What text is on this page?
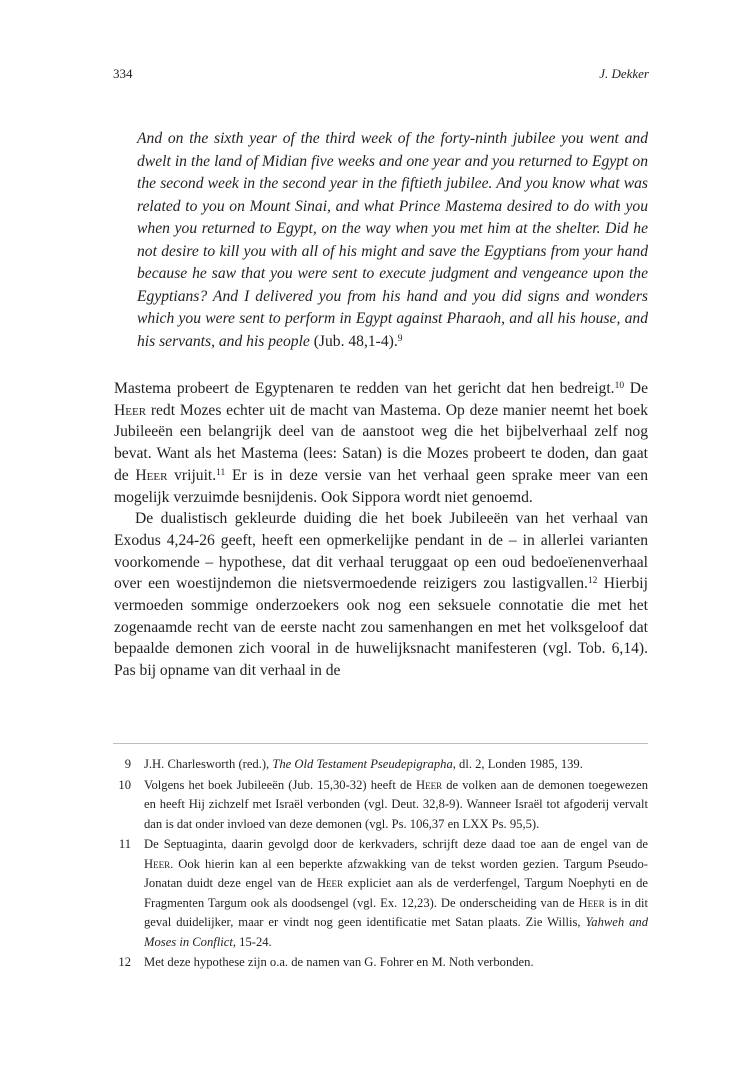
334	J. Dekker
And on the sixth year of the third week of the forty-ninth jubilee you went and dwelt in the land of Midian five weeks and one year and you returned to Egypt on the second week in the second year in the fiftieth jubilee. And you know what was related to you on Mount Sinai, and what Prince Mastema desired to do with you when you returned to Egypt, on the way when you met him at the shelter. Did he not desire to kill you with all of his might and save the Egyptians from your hand because he saw that you were sent to execute judgment and vengeance upon the Egyptians? And I delivered you from his hand and you did signs and wonders which you were sent to perform in Egypt against Pharaoh, and all his house, and his servants, and his people (Jub. 48,1-4).$^9$

Mastema probeert de Egyptenaren te redden van het gericht dat hen bedreigt.$^{10}$ De Heer redt Mozes echter uit de macht van Mastema. Op deze manier neemt het boek Jubileeën een belangrijk deel van de aanstoot weg die het bijbelverhaal zelf nog bevat. Want als het Mastema (lees: Satan) is die Mozes probeert te doden, dan gaat de Heer vrijuit.$^{11}$ Er is in deze versie van het verhaal geen sprake meer van een mogelijk verzuimde besnijdenis. Ook Sippora wordt niet genoemd.

De dualistisch gekleurde duiding die het boek Jubileeën van het verhaal van Exodus 4,24-26 geeft, heeft een opmerkelijke pendant in de – in allerlei varianten voorkomende – hypothese, dat dit verhaal teruggaat op een oud bedoeïenenverhaal over een woestijndemon die nietsvermoedende reizigers zou lastigvallen.$^{12}$ Hierbij vermoeden sommige onderzoekers ook nog een seksuele connotatie die met het zogenaamde recht van de eerste nacht zou samenhangen en met het volksgeloof dat bepaalde demonen zich vooral in de huwelijksnacht manifesteren (vgl. Tob. 6,14). Pas bij opname van dit verhaal in de

9 J.H. Charlesworth (red.), The Old Testament Pseudepigrapha, dl. 2, Londen 1985, 139.
10 Volgens het boek Jubileeën (Jub. 15,30-32) heeft de Heer de volken aan de demonen toegewezen en heeft Hij zichzelf met Israël verbonden (vgl. Deut. 32,8-9). Wanneer Israël tot afgoderij vervalt dan is dat onder invloed van deze demonen (vgl. Ps. 106,37 en LXX Ps. 95,5).
11 De Septuaginta, daarin gevolgd door de kerkvaders, schrijft deze daad toe aan de engel van de Heer. Ook hierin kan al een beperkte afzwakking van de tekst worden gezien. Targum Pseudo-Jonatan duidt deze engel van de Heer expliciet aan als de verderfengel, Targum Noephyti en de Fragmenten Targum ook als doodsengel (vgl. Ex. 12,23). De onderscheiding van de Heer is in dit geval duidelijker, maar er vindt nog geen identificatie met Satan plaats. Zie Willis, Yahweh and Moses in Conflict, 15-24.
12 Met deze hypothese zijn o.a. de namen van G. Fohrer en M. Noth verbonden.
